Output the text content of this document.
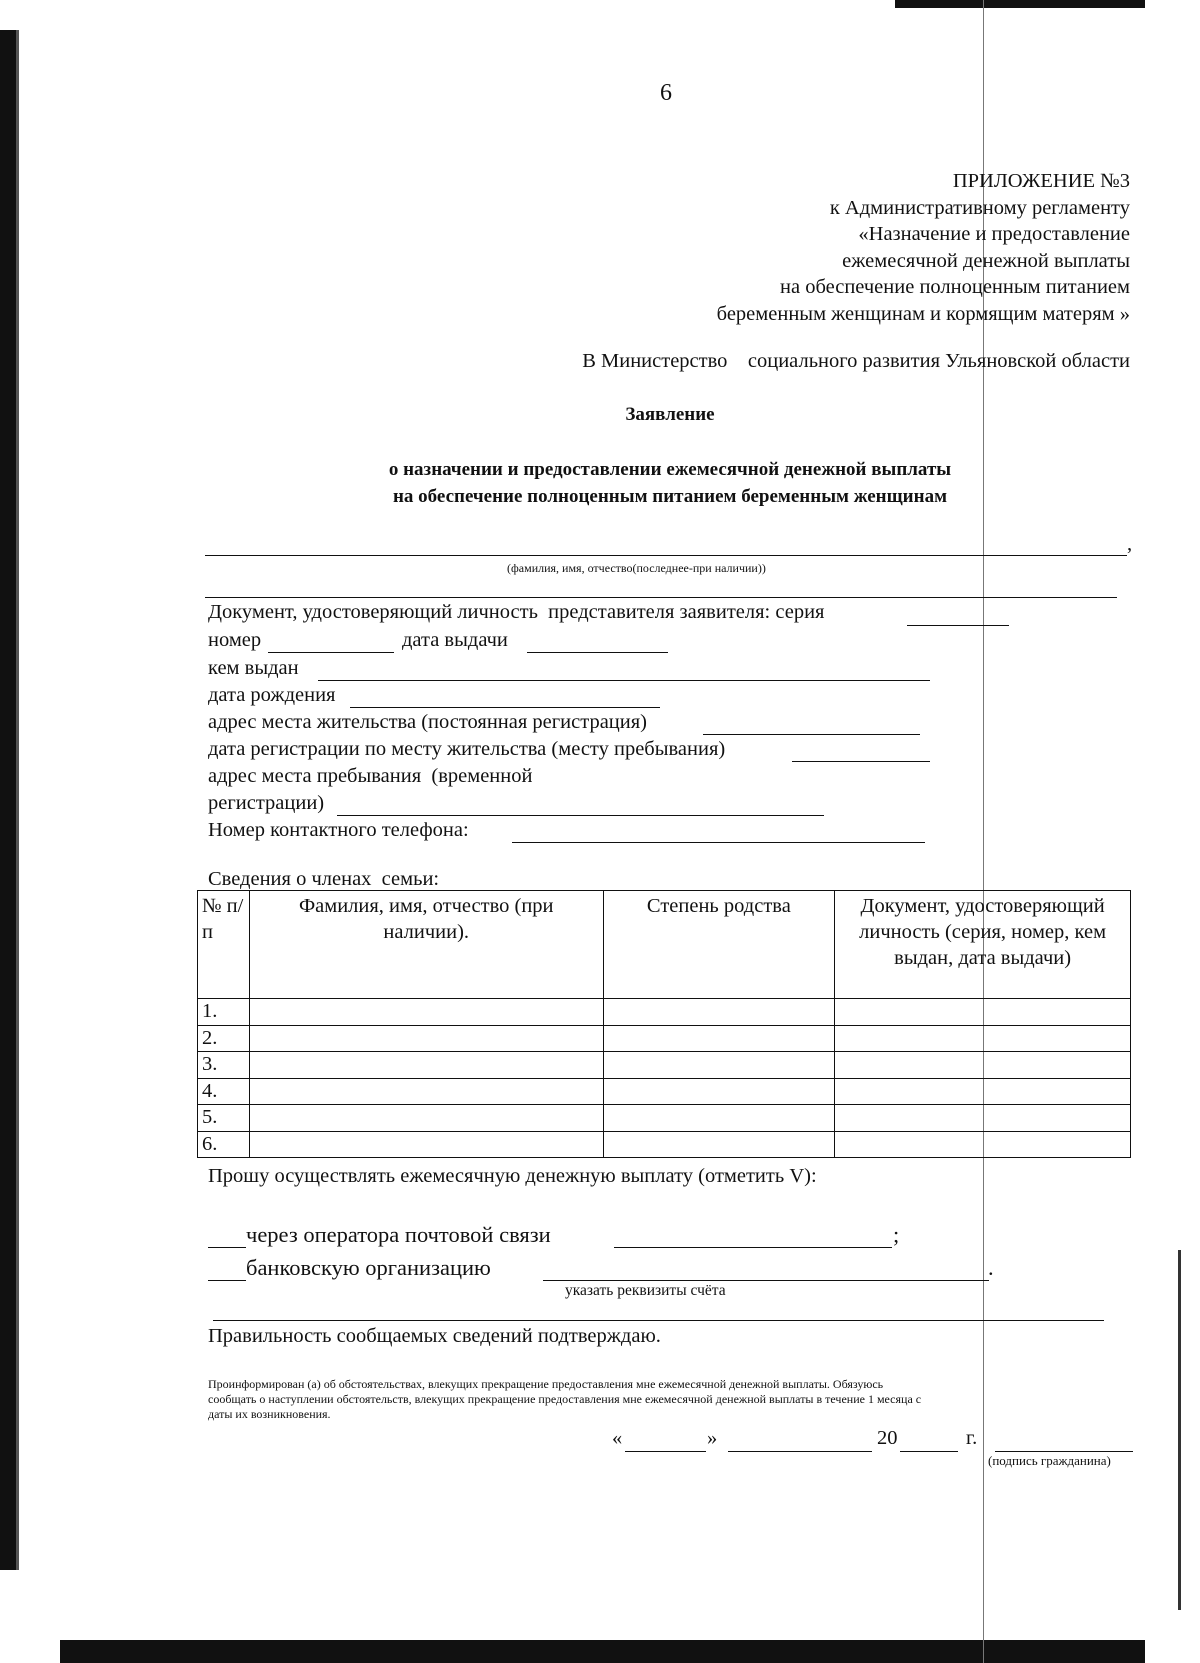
6
ПРИЛОЖЕНИЕ №3
к Административному регламенту
«Назначение и предоставление
ежемесячной денежной выплаты
на обеспечение полноценным питанием
беременным женщинам и кормящим матерям »
В Министерство    социального развития Ульяновской области
Заявление
о назначении и предоставлении ежемесячной денежной выплаты
на обеспечение полноценным питанием беременным женщинам
,
(фамилия, имя, отчество(последнее-при наличии))
Документ, удостоверяющий личность  представителя заявителя: серия
номер	дата выдачи
кем выдан
дата рождения
адрес места жительства (постоянная регистрация)
дата регистрации по месту жительства (месту пребывания)
адрес места пребывания  (временной
регистрации)
Номер контактного телефона:
Сведения о членах  семьи:
№ п/п	Фамилия, имя, отчество (при наличии).	Степень родства	Документ, удостоверяющий личность (серия, номер, кем выдан, дата выдачи)
1.			
2.			
3.			
4.			
5.			
6.			
Прошу осуществлять ежемесячную денежную выплату (отметить V):
через оператора почтовой связи	;
банковскую организацию	.
указать реквизиты счёта
Правильность сообщаемых сведений подтверждаю.
Проинформирован (а) об обстоятельствах, влекущих прекращение предоставления мне ежемесячной денежной выплаты. Обязуюсь
сообщать о наступлении обстоятельств, влекущих прекращение предоставления мне ежемесячной денежной выплаты в течение 1 месяца с
даты их возникновения.
«	»	20	г.
(подпись гражданина)
